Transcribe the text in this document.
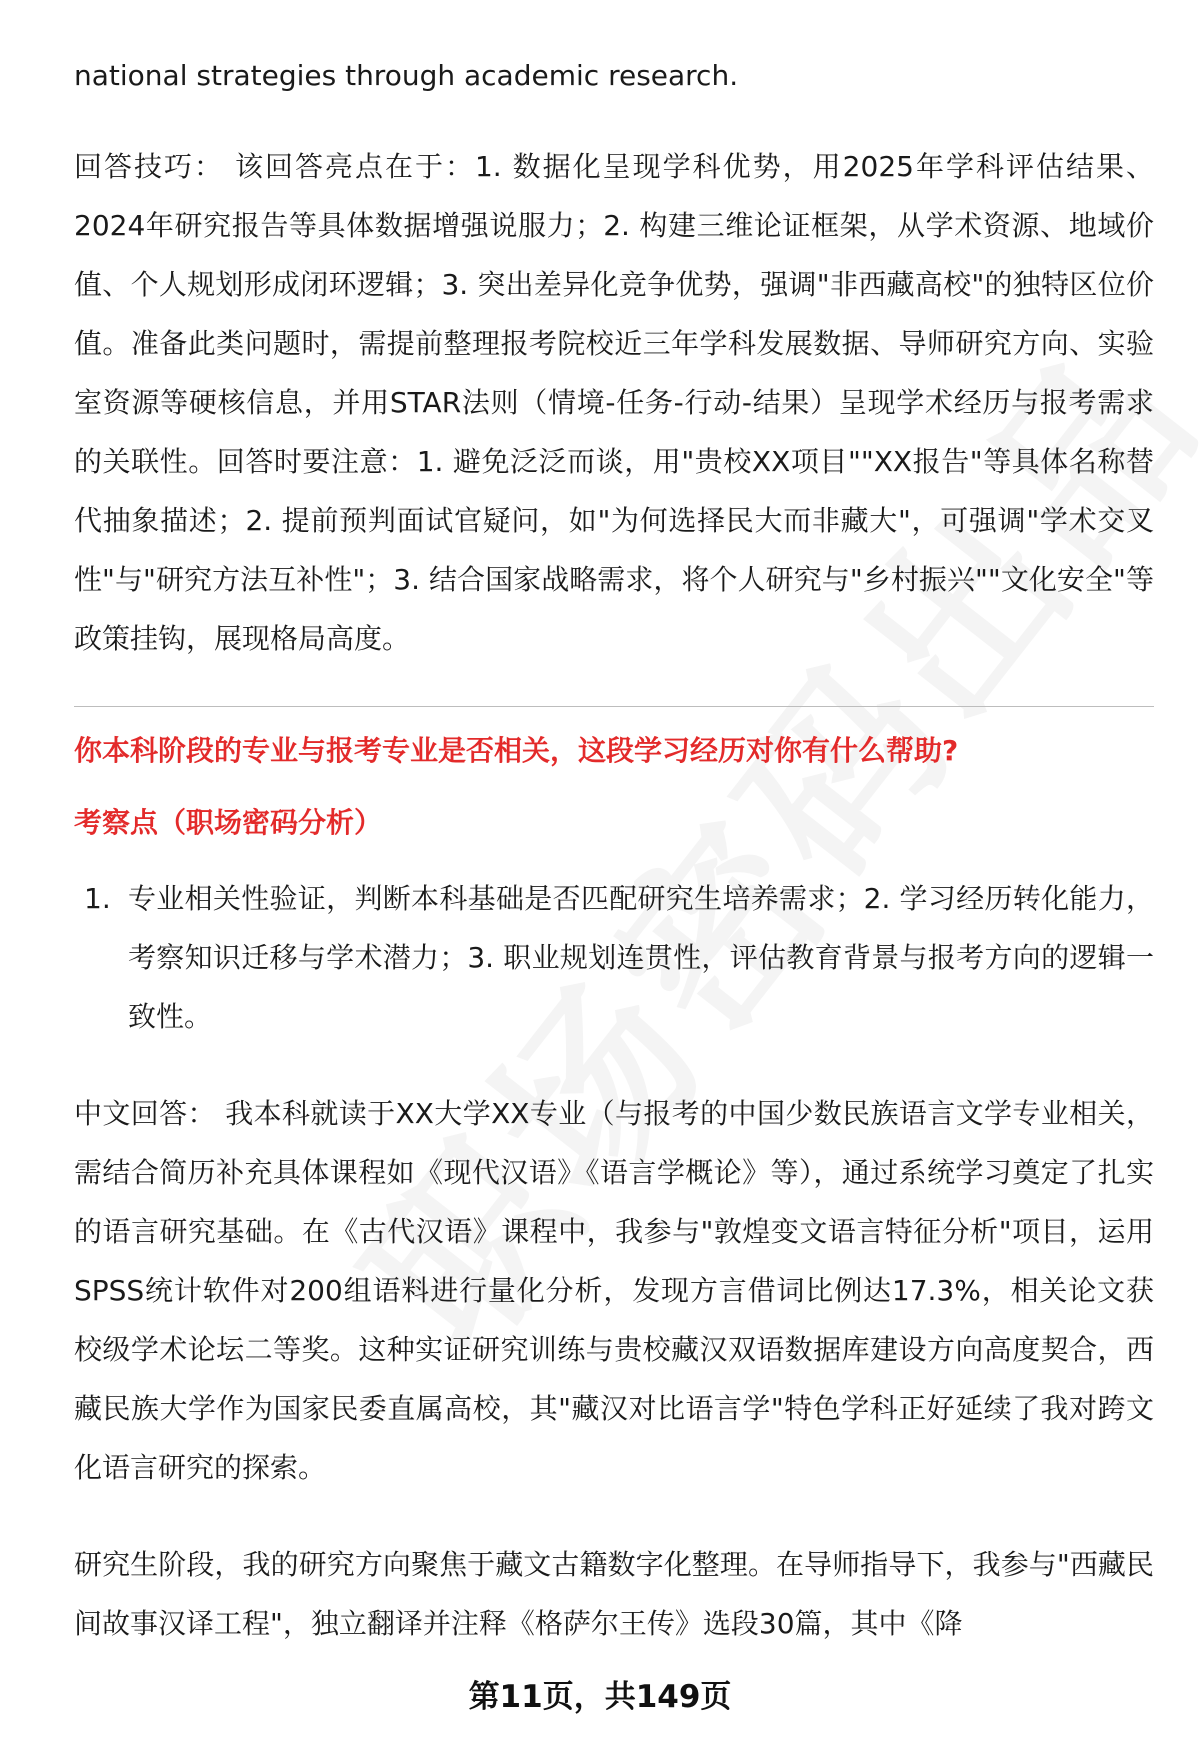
national strategies through academic research.

回答技巧： 该回答亮点在于：1. 数据化呈现学科优势，用2025年学科评估结果、2024年研究报告等具体数据增强说服力；2. 构建三维论证框架，从学术资源、地域价值、个人规划形成闭环逻辑；3. 突出差异化竞争优势，强调"非西藏高校"的独特区位价值。准备此类问题时，需提前整理报考院校近三年学科发展数据、导师研究方向、实验室资源等硬核信息，并用STAR法则（情境-任务-行动-结果）呈现学术经历与报考需求的关联性。回答时要注意：1. 避免泛泛而谈，用"贵校XX项目""XX报告"等具体名称替代抽象描述；2. 提前预判面试官疑问，如"为何选择民大而非藏大"，可强调"学术交叉性"与"研究方法互补性"；3. 结合国家战略需求，将个人研究与"乡村振兴""文化安全"等政策挂钩，展现格局高度。

你本科阶段的专业与报考专业是否相关，这段学习经历对你有什么帮助?
考察点（职场密码分析）
1. 专业相关性验证，判断本科基础是否匹配研究生培养需求；2. 学习经历转化能力，考察知识迁移与学术潜力；3. 职业规划连贯性，评估教育背景与报考方向的逻辑一致性。

中文回答： 我本科就读于XX大学XX专业（与报考的中国少数民族语言文学专业相关，需结合简历补充具体课程如《现代汉语》《语言学概论》等），通过系统学习奠定了扎实的语言研究基础。在《古代汉语》课程中，我参与"敦煌变文语言特征分析"项目，运用SPSS统计软件对200组语料进行量化分析，发现方言借词比例达17.3%，相关论文获校级学术论坛二等奖。这种实证研究训练与贵校藏汉双语数据库建设方向高度契合，西藏民族大学作为国家民委直属高校，其"藏汉对比语言学"特色学科正好延续了我对跨文化语言研究的探索。

研究生阶段，我的研究方向聚焦于藏文古籍数字化整理。在导师指导下，我参与"西藏民间故事汉译工程"，独立翻译并注释《格萨尔王传》选段30篇，其中《降

第11页，共149页
